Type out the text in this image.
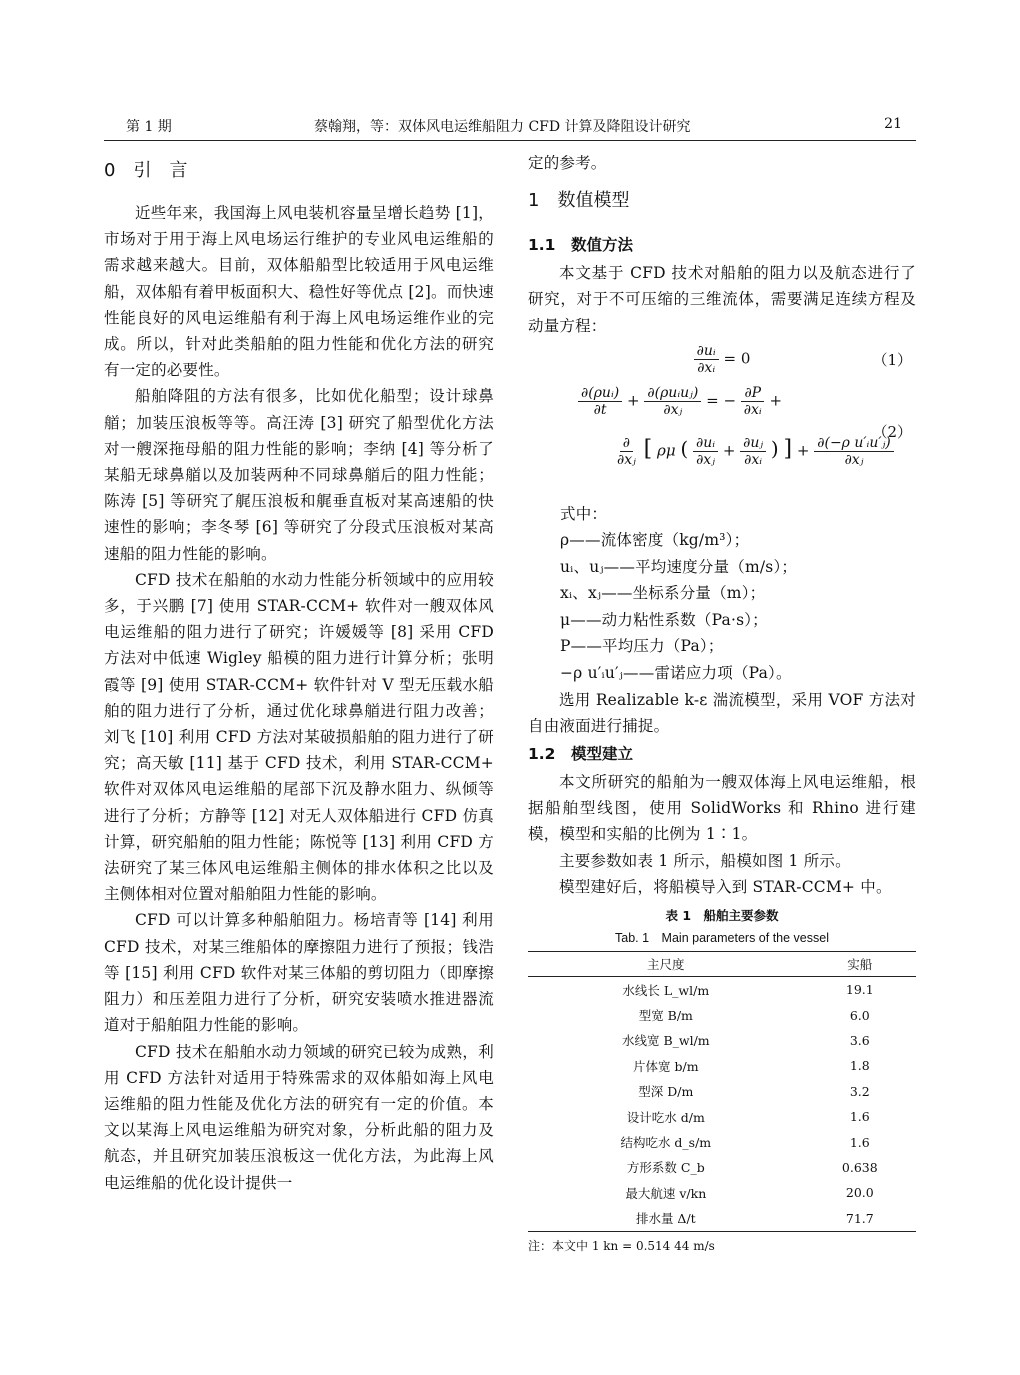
第 1 期	蔡翰翔，等：双体风电运维船阻力 CFD 计算及降阻设计研究	21
0　引　言

近些年来，我国海上风电装机容量呈增长趋势 [1]，市场对于用于海上风电场运行维护的专业风电运维船的需求越来越大。目前，双体船船型比较适用于风电运维船，双体船有着甲板面积大、稳性好等优点 [2]。而快速性能良好的风电运维船有利于海上风电场运维作业的完成。所以，针对此类船舶的阻力性能和优化方法的研究有一定的必要性。

船舶降阻的方法有很多，比如优化船型；设计球鼻艏；加装压浪板等等。高汪涛 [3] 研究了船型优化方法对一艘深拖母船的阻力性能的影响；李纳 [4] 等分析了某船无球鼻艏以及加装两种不同球鼻艏后的阻力性能；陈涛 [5] 等研究了艉压浪板和艉垂直板对某高速船的快速性的影响；李冬琴 [6] 等研究了分段式压浪板对某高速船的阻力性能的影响。

CFD 技术在船舶的水动力性能分析领域中的应用较多，于兴鹏 [7] 使用 STAR-CCM+ 软件对一艘双体风电运维船的阻力进行了研究；许媛媛等 [8] 采用 CFD 方法对中低速 Wigley 船模的阻力进行计算分析；张明霞等 [9] 使用 STAR-CCM+ 软件针对 V 型无压载水船舶的阻力进行了分析，通过优化球鼻艏进行阻力改善；刘飞 [10] 利用 CFD 方法对某破损船舶的阻力进行了研究；高天敏 [11] 基于 CFD 技术，利用 STAR-CCM+ 软件对双体风电运维船的尾部下沉及静水阻力、纵倾等进行了分析；方静等 [12] 对无人双体船进行 CFD 仿真计算，研究船舶的阻力性能；陈悦等 [13] 利用 CFD 方法研究了某三体风电运维船主侧体的排水体积之比以及主侧体相对位置对船舶阻力性能的影响。

CFD 可以计算多种船舶阻力。杨培青等 [14] 利用 CFD 技术，对某三维船体的摩擦阻力进行了预报；钱浩等 [15] 利用 CFD 软件对某三体船的剪切阻力（即摩擦阻力）和压差阻力进行了分析，研究安装喷水推进器流道对于船舶阻力性能的影响。

CFD 技术在船舶水动力领域的研究已较为成熟，利用 CFD 方法针对适用于特殊需求的双体船如海上风电运维船的阻力性能及优化方法的研究有一定的价值。本文以某海上风电运维船为研究对象，分析此船的阻力及航态，并且研究加装压浪板这一优化方法，为此海上风电运维船的优化设计提供一

定的参考。

1　数值模型
1.1　数值方法

本文基于 CFD 技术对船舶的阻力以及航态进行了研究，对于不可压缩的三维流体，需要满足连续方程及动量方程：

$\frac{\text{∂uᵢ}}{\text{∂xᵢ}} = 0$	（1）
$\frac{\text{∂(ρuᵢ)}}{\partial t} + \frac{\text{∂(ρuᵢuⱼ)}}{\text{∂xⱼ}}$ = − $\frac{\partial P}{\text{∂xᵢ}}$ +
$\frac{\partial}{\text{∂xⱼ}}$ [ ρμ ( $\frac{\text{∂uᵢ}}{\text{∂xⱼ}} + \frac{\text{∂uⱼ}}{\text{∂xᵢ}}$ ) ] + $\frac{\text{∂(−ρ u′ᵢu′ⱼ)}}{\text{∂xⱼ}}$
（2）

式中：

ρ——流体密度（kg/m³）；

uᵢ、uⱼ——平均速度分量（m/s）；

xᵢ、xⱼ——坐标系分量（m）；

μ——动力粘性系数（Pa·s）；

P——平均压力（Pa）；

−ρ u′ᵢu′ⱼ——雷诺应力项（Pa）。

选用 Realizable k-ε 湍流模型，采用 VOF 方法对自由液面进行捕捉。

1.2　模型建立

本文所研究的船舶为一艘双体海上风电运维船，根据船舶型线图，使用 SolidWorks 和 Rhino 进行建模，模型和实船的比例为 1∶1。

主要参数如表 1 所示，船模如图 1 所示。

模型建好后，将船模导入到 STAR-CCM+ 中。

表 1　船舶主要参数
Tab. 1　Main parameters of the vessel
主尺度	实船
水线长 L_wl/m	19.1
型宽 B/m	6.0
水线宽 B_wl/m	3.6
片体宽 b/m	1.8
型深 D/m	3.2
设计吃水 d/m	1.6
结构吃水 d_s/m	1.6
方形系数 C_b	0.638
最大航速 v/kn	20.0
排水量 Δ/t	71.7
注：本文中 1 kn = 0.514 44 m/s
